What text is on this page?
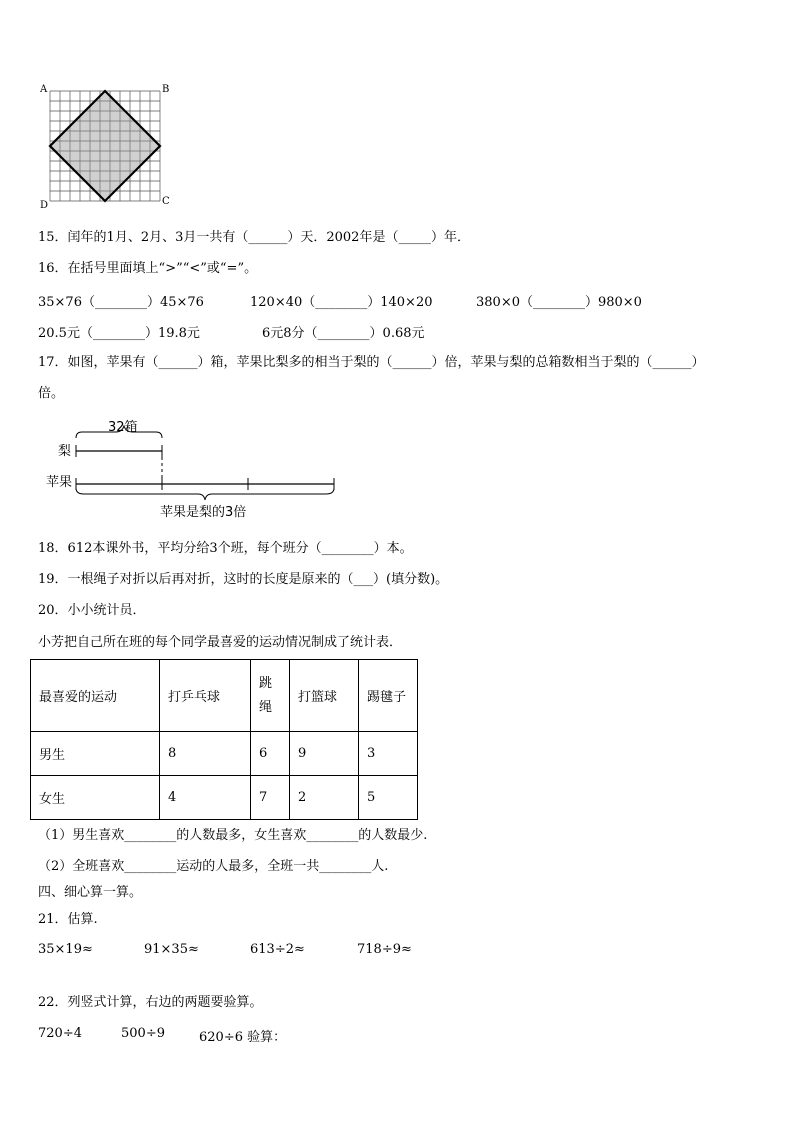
A	B
D	C
15．闰年的1月、2月、3月一共有（______）天．2002年是（_____）年．
16．在括号里面填上“>”“<”或“=”。
35×76（________）45×76	120×40（________）140×20	380×0（________）980×0
20.5元（________）19.8元	6元8分（________）0.68元
17．如图，苹果有（______）箱，苹果比梨多的相当于梨的（______）倍，苹果与梨的总箱数相当于梨的（______）
倍。
32箱
梨
苹果
苹果是梨的3倍
18．612本课外书，平均分给3个班，每个班分（________）本。
19．一根绳子对折以后再对折，这时的长度是原来的（___）(填分数)。
20．小小统计员．
小芳把自己所在班的每个同学最喜爱的运动情况制成了统计表．
最喜爱的运动	打乒乓球	跳绳	打篮球	踢毽子
男生	8	6	9	3
女生	4	7	2	5
（1）男生喜欢________的人数最多，女生喜欢________的人数最少.
（2）全班喜欢________运动的人最多，全班一共________人.
四、细心算一算。
21．估算.
35×19≈	91×35≈	613÷2≈	718÷9≈
22．列竖式计算，右边的两题要验算。
720÷4	500÷9	620÷6 验算：
